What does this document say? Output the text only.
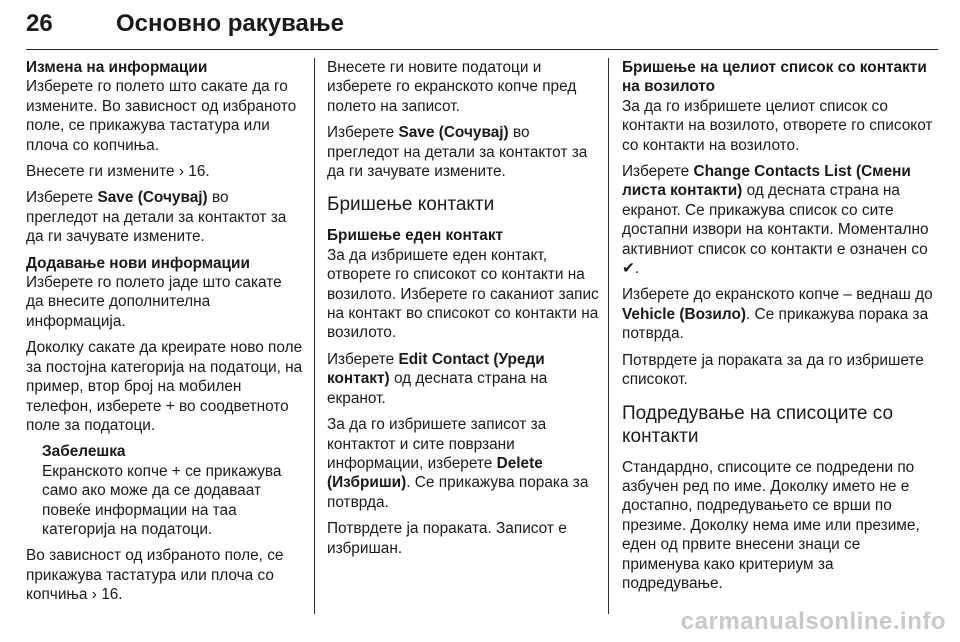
26	Основно ракување
Измена на информации

Изберете го полето што сакате да го измените. Во зависност од избраното поле, се прикажува тастатура или плоча со копчиња.

Внесете ги измените › 16.

Изберете Save (Сочувај) во прегледот на детали за контактот за да ги зачувате измените.

Додавање нови информации

Изберете го полето јаде што сакате да внесите дополнителна информација.

Доколку сакате да креирате ново поле за постојна категорија на податоци, на пример, втор број на мобилен телефон, изберете + во соодветното поле за податоци.

Забелешка

Екранското копче + се прикажува само ако може да се додаваат повеќе информации на таа категорија на податоци.

Во зависност од избраното поле, се прикажува тастатура или плоча со копчиња › 16.

Внесете ги новите податоци и изберете го екранското копче пред полето на записот.

Изберете Save (Сочувај) во прегледот на детали за контактот за да ги зачувате измените.

Бришење контакти
Бришење еден контакт

За да избришете еден контакт, отворете го списокот со контакти на возилото. Изберете го саканиот запис на контакт во списокот со контакти на возилото.

Изберете Edit Contact (Уреди контакт) од десната страна на екранот.

За да го избришете записот за контактот и сите поврзани информации, изберете Delete (Избриши). Се прикажува порака за потврда.

Потврдете ја пораката. Записот е избришан.

Бришење на целиот список со контакти на возилото

За да го избришете целиот список со контакти на возилото, отворете го списокот со контакти на возилото.

Изберете Change Contacts List (Смени листа контакти) од десната страна на екранот. Се прикажува список со сите достапни извори на контакти. Моментално активниот список со контакти е означен со ✔.

Изберете до екранското копче – веднаш до Vehicle (Возило). Се прикажува порака за потврда.

Потврдете ја пораката за да го избришете списокот.

Подредување на списоците со контакти

Стандардно, списоците се подредени по азбучен ред по име. Доколку името не е достапно, подредувањето се врши по презиме. Доколку нема име или презиме, еден од првите внесени знаци се применува како критериум за подредување.

carmanualsonline.info
